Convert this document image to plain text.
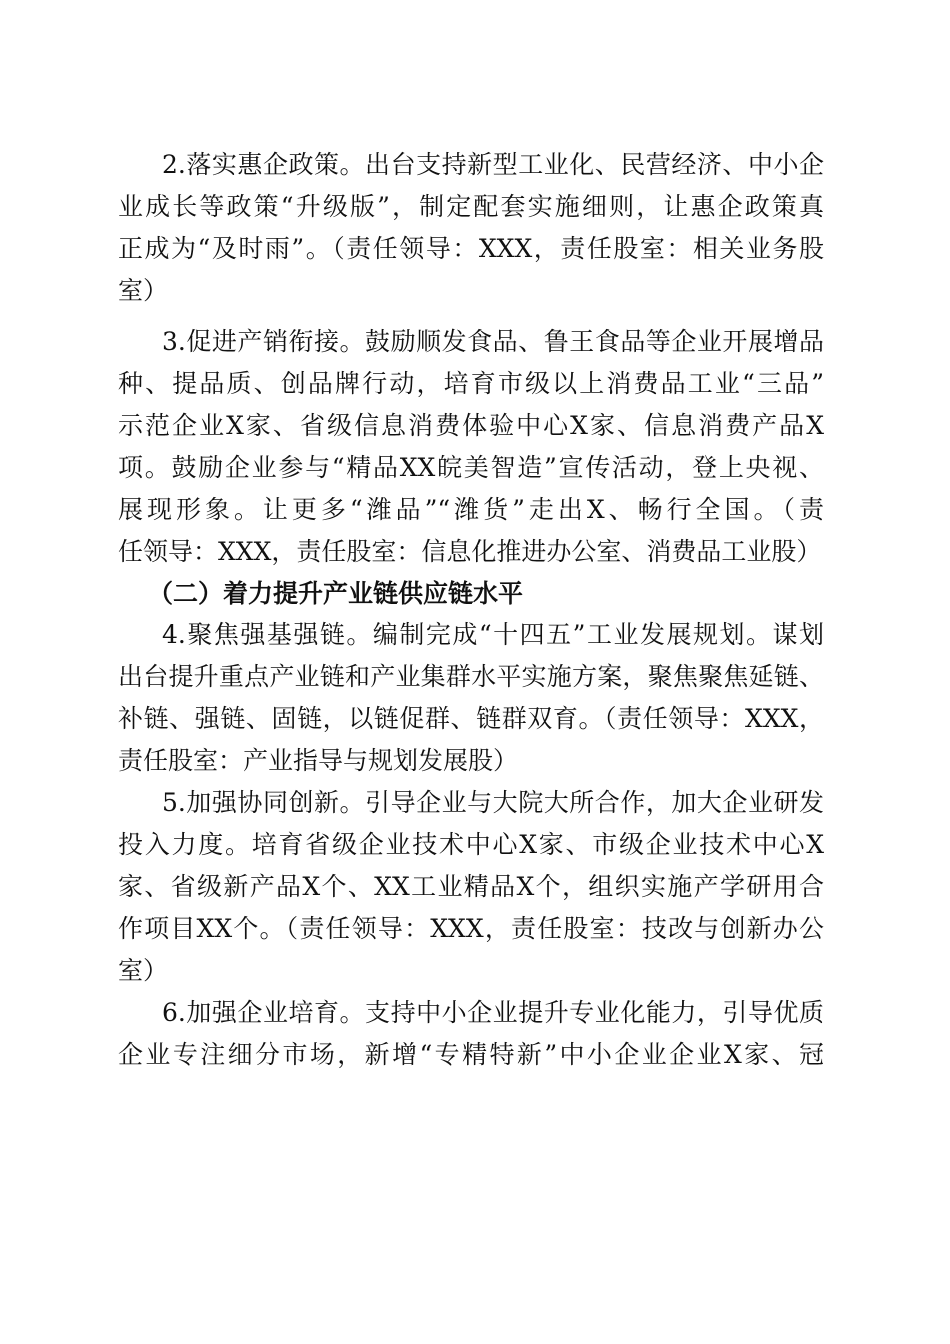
2.落实惠企政策。出台支持新型工业化、民营经济、中小企
业成长等政策“升级版”，制定配套实施细则，让惠企政策真
正成为“及时雨”。（责任领导：XXX，责任股室：相关业务股
室）
3.促进产销衔接。鼓励顺发食品、鲁王食品等企业开展增品
种、提品质、创品牌行动，培育市级以上消费品工业“三品”
示范企业X家、省级信息消费体验中心X家、信息消费产品X
项。鼓励企业参与“精品XX皖美智造”宣传活动，登上央视、
展现形象。让更多“潍品”“潍货”走出X、畅行全国。（责
任领导：XXX，责任股室：信息化推进办公室、消费品工业股）
（二）着力提升产业链供应链水平
4.聚焦强基强链。编制完成“十四五”工业发展规划。谋划
出台提升重点产业链和产业集群水平实施方案，聚焦聚焦延链、
补链、强链、固链，以链促群、链群双育。（责任领导：XXX，
责任股室：产业指导与规划发展股）
5.加强协同创新。引导企业与大院大所合作，加大企业研发
投入力度。培育省级企业技术中心X家、市级企业技术中心X
家、省级新产品X个、XX工业精品X个，组织实施产学研用合
作项目XX个。（责任领导：XXX，责任股室：技改与创新办公
室）
6.加强企业培育。支持中小企业提升专业化能力，引导优质
企业专注细分市场，新增“专精特新”中小企业企业X家、冠
